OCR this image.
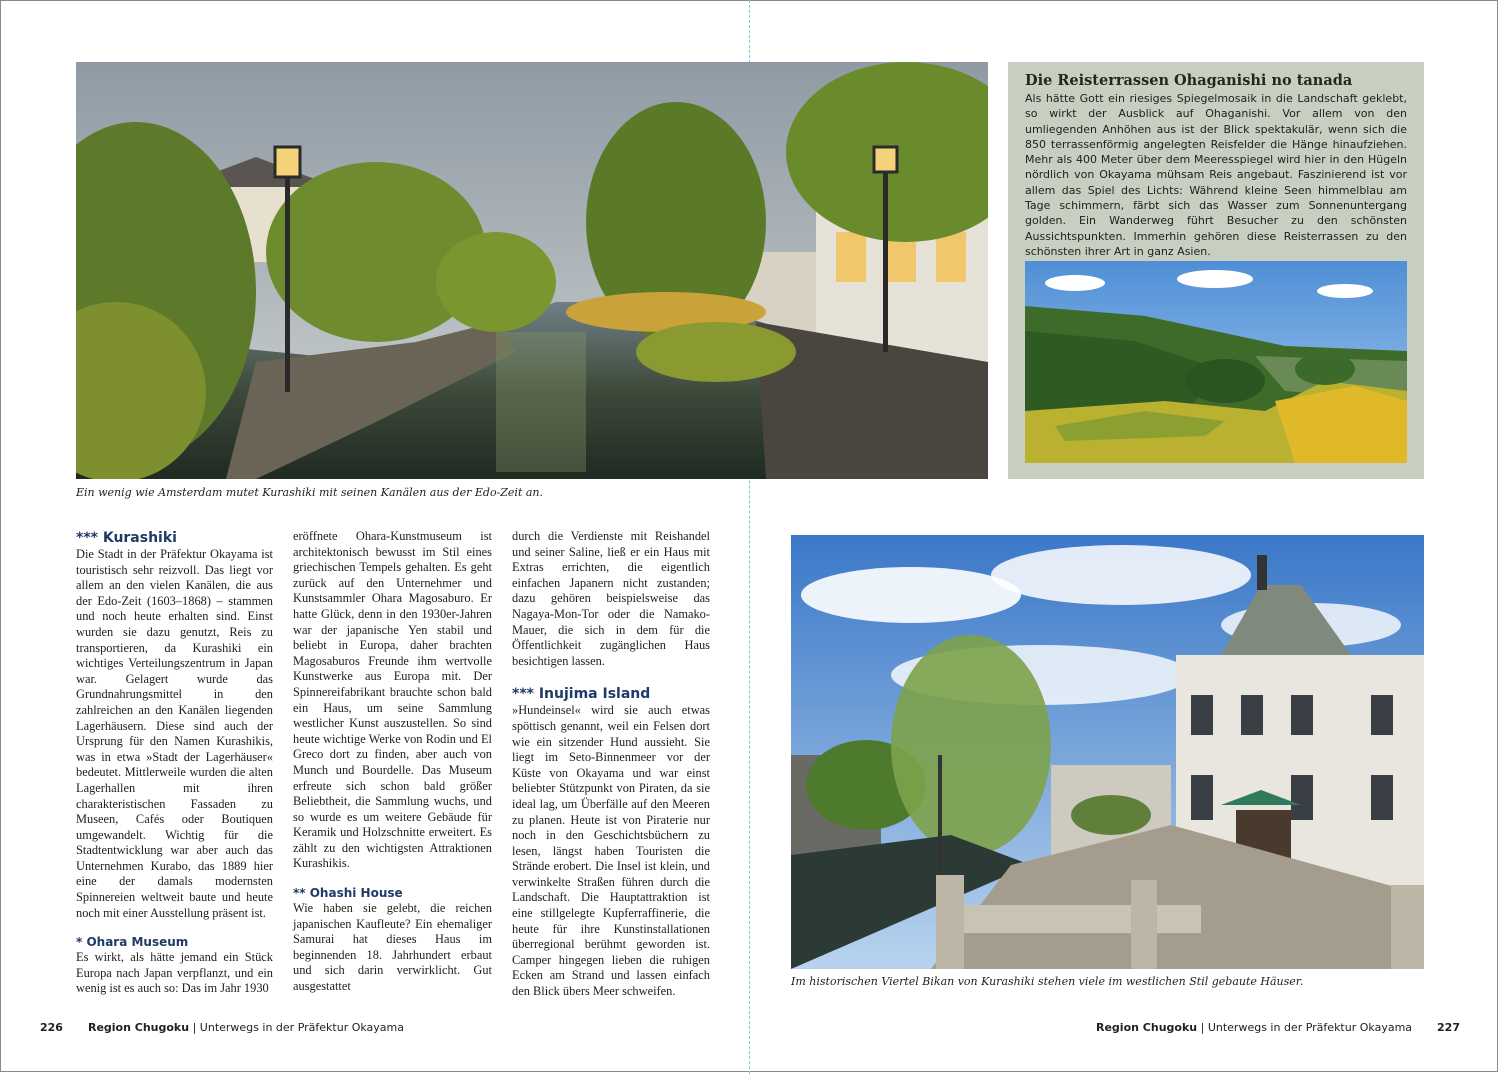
Ein wenig wie Amsterdam mutet Kurashiki mit seinen Kanälen aus der Edo-Zeit an.
*** Kurashiki

Die Stadt in der Präfektur Okayama ist touristisch sehr reizvoll. Das liegt vor allem an den vielen Kanälen, die aus der Edo-Zeit (1603–1868) – stammen und noch heute erhalten sind. Einst wurden sie dazu genutzt, Reis zu transportieren, da Kurashiki ein wichtiges Verteilungszentrum in Japan war. Gelagert wurde das Grundnahrungsmittel in den zahlreichen an den Kanälen liegenden Lagerhäusern. Diese sind auch der Ursprung für den Namen Kurashikis, was in etwa »Stadt der Lagerhäuser« bedeutet. Mittlerweile wurden die alten Lagerhallen mit ihren charakteristischen Fassaden zu Museen, Cafés oder Boutiquen umgewandelt. Wichtig für die Stadtentwicklung war aber auch das Unternehmen Kurabo, das 1889 hier eine der damals modernsten Spinnereien weltweit baute und heute noch mit einer Ausstellung präsent ist.

* Ohara Museum

Es wirkt, als hätte jemand ein Stück Europa nach Japan verpflanzt, und ein wenig ist es auch so: Das im Jahr 1930

eröffnete Ohara-Kunstmuseum ist architektonisch bewusst im Stil eines griechischen Tempels gehalten. Es geht zurück auf den Unternehmer und Kunstsammler Ohara Magosaburo. Er hatte Glück, denn in den 1930er-Jahren war der japanische Yen stabil und beliebt in Europa, daher brachten Magosaburos Freunde ihm wertvolle Kunstwerke aus Europa mit. Der Spinnereifabrikant brauchte schon bald ein Haus, um seine Sammlung westlicher Kunst auszustellen. So sind heute wichtige Werke von Rodin und El Greco dort zu finden, aber auch von Munch und Bourdelle. Das Museum erfreute sich schon bald größer Beliebtheit, die Sammlung wuchs, und so wurde es um weitere Gebäude für Keramik und Holzschnitte erweitert. Es zählt zu den wichtigsten Attraktionen Kurashikis.

** Ohashi House

Wie haben sie gelebt, die reichen japanischen Kaufleute? Ein ehemaliger Samurai hat dieses Haus im beginnenden 18. Jahrhundert erbaut und sich darin verwirklicht. Gut ausgestattet

durch die Verdienste mit Reishandel und seiner Saline, ließ er ein Haus mit Extras errichten, die eigentlich einfachen Japanern nicht zustanden; dazu gehören beispielsweise das Nagaya-Mon-Tor oder die Namako-Mauer, die sich in dem für die Öffentlichkeit zugänglichen Haus besichtigen lassen.

*** Inujima Island

»Hundeinsel« wird sie auch etwas spöttisch genannt, weil ein Felsen dort wie ein sitzender Hund aussieht. Sie liegt im Seto-Binnenmeer vor der Küste von Okayama und war einst beliebter Stützpunkt von Piraten, da sie ideal lag, um Überfälle auf den Meeren zu planen. Heute ist von Piraterie nur noch in den Geschichtsbüchern zu lesen, längst haben Touristen die Strände erobert. Die Insel ist klein, und verwinkelte Straßen führen durch die Landschaft. Die Hauptattraktion ist eine stillgelegte Kupferraffinerie, die heute für ihre Kunstinstallationen überregional berühmt geworden ist. Camper hingegen lieben die ruhigen Ecken am Strand und lassen einfach den Blick übers Meer schweifen.

Die Reisterrassen Ohaganishi no tanada
Als hätte Gott ein riesiges Spiegelmosaik in die Landschaft geklebt, so wirkt der Ausblick auf Ohaganishi. Vor allem von den umliegenden Anhöhen aus ist der Blick spektakulär, wenn sich die 850 terrassenförmig angelegten Reisfelder die Hänge hinaufziehen. Mehr als 400 Meter über dem Meeresspiegel wird hier in den Hügeln nördlich von Okayama mühsam Reis angebaut. Faszinierend ist vor allem das Spiel des Lichts: Während kleine Seen himmelblau am Tage schimmern, färbt sich das Wasser zum Sonnenuntergang golden. Ein Wanderweg führt Besucher zu den schönsten Aussichtspunkten. Immerhin gehören diese Reisterrassen zu den schönsten ihrer Art in ganz Asien.
Im historischen Viertel Bikan von Kurashiki stehen viele im westlichen Stil gebaute Häuser.
226 Region Chugoku | Unterwegs in der Präfektur Okayama	Region Chugoku | Unterwegs in der Präfektur Okayama 227
